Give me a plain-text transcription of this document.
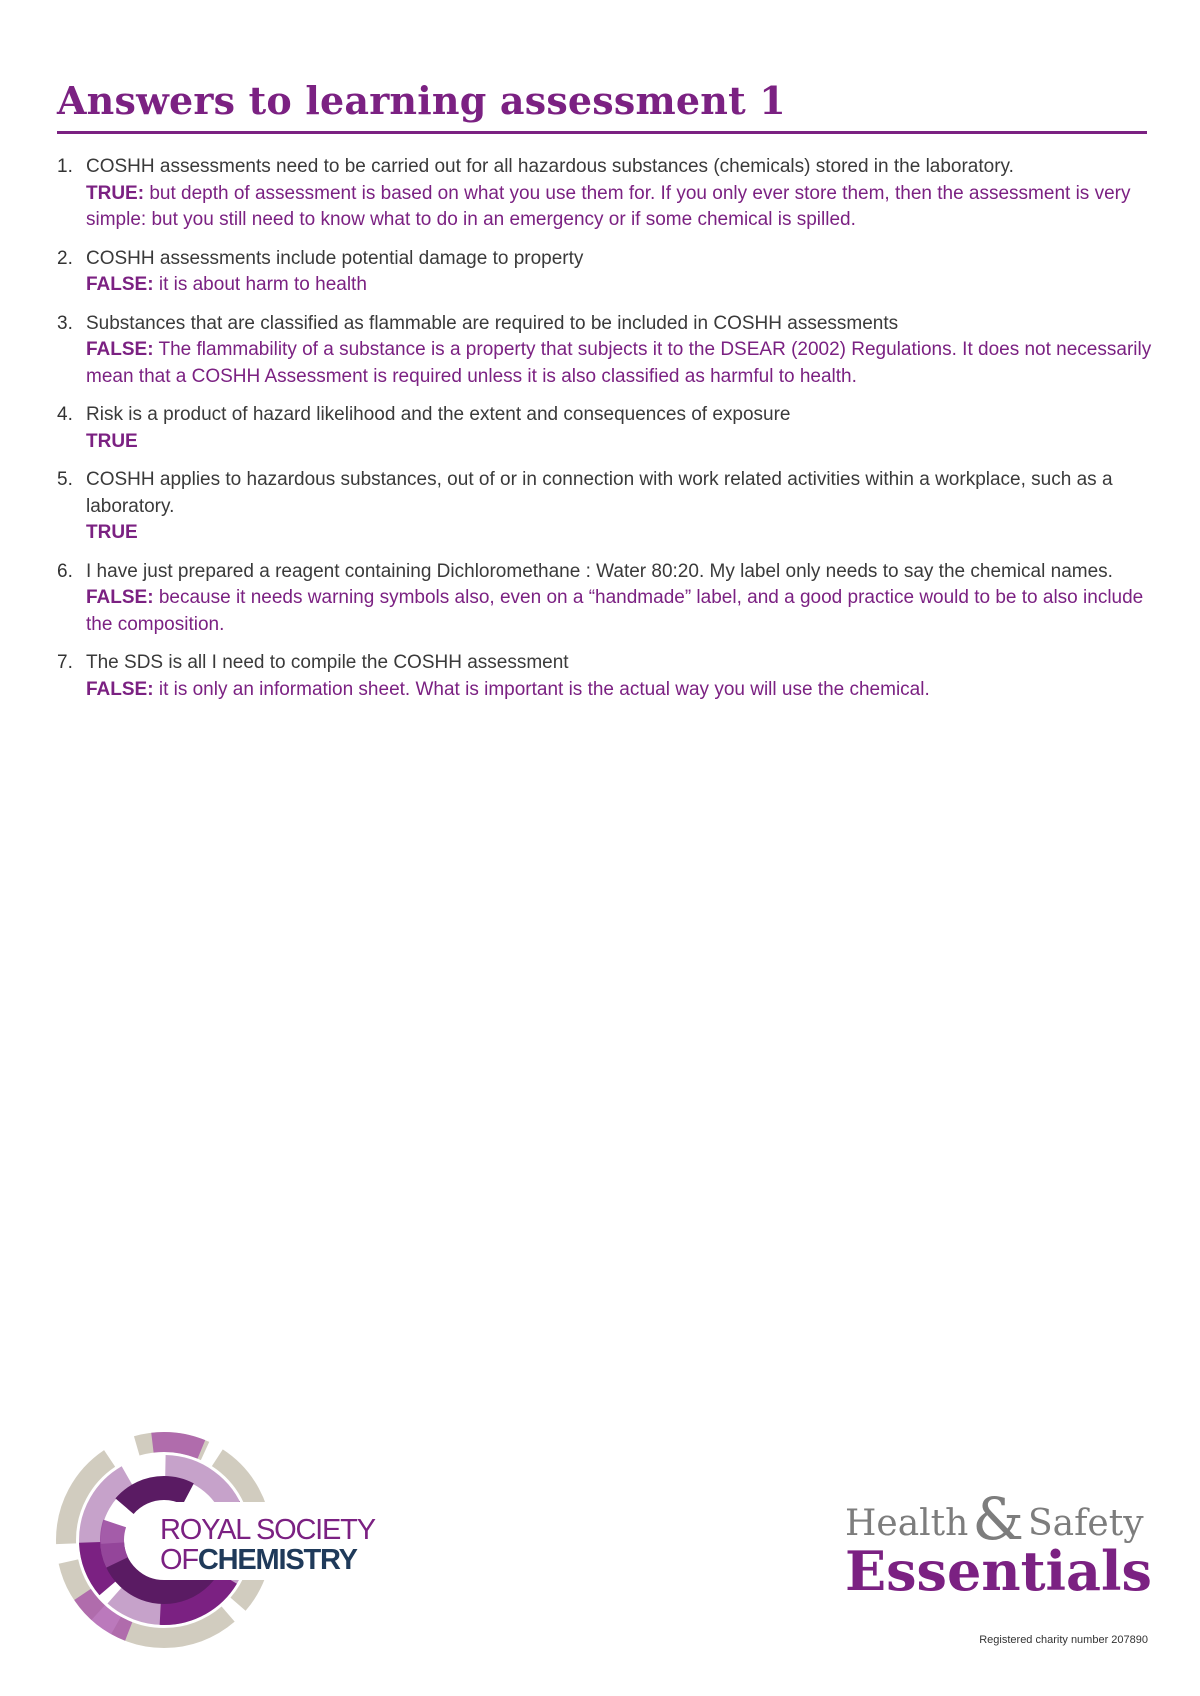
Answers to learning assessment 1
1. COSHH assessments need to be carried out for all hazardous substances (chemicals) stored in the laboratory.
TRUE: but depth of assessment is based on what you use them for. If you only ever store them, then the assessment is very simple: but you still need to know what to do in an emergency or if some chemical is spilled.
2. COSHH assessments include potential damage to property
FALSE: it is about harm to health
3. Substances that are classified as flammable are required to be included in COSHH assessments
FALSE: The flammability of a substance is a property that subjects it to the DSEAR (2002) Regulations. It does not necessarily mean that a COSHH Assessment is required unless it is also classified as harmful to health.
4. Risk is a product of hazard likelihood and the extent and consequences of exposure
TRUE
5. COSHH applies to hazardous substances, out of or in connection with work related activities within a workplace, such as a laboratory.
TRUE
6. I have just prepared a reagent containing Dichloromethane : Water 80:20. My label only needs to say the chemical names.
FALSE: because it needs warning symbols also, even on a “handmade” label, and a good practice would to be to also include the composition.
7. The SDS is all I need to compile the COSHH assessment
FALSE: it is only an information sheet. What is important is the actual way you will use the chemical.
ROYAL SOCIETY
OFCHEMISTRY
Health& Safety
Essentials
Registered charity number 207890
